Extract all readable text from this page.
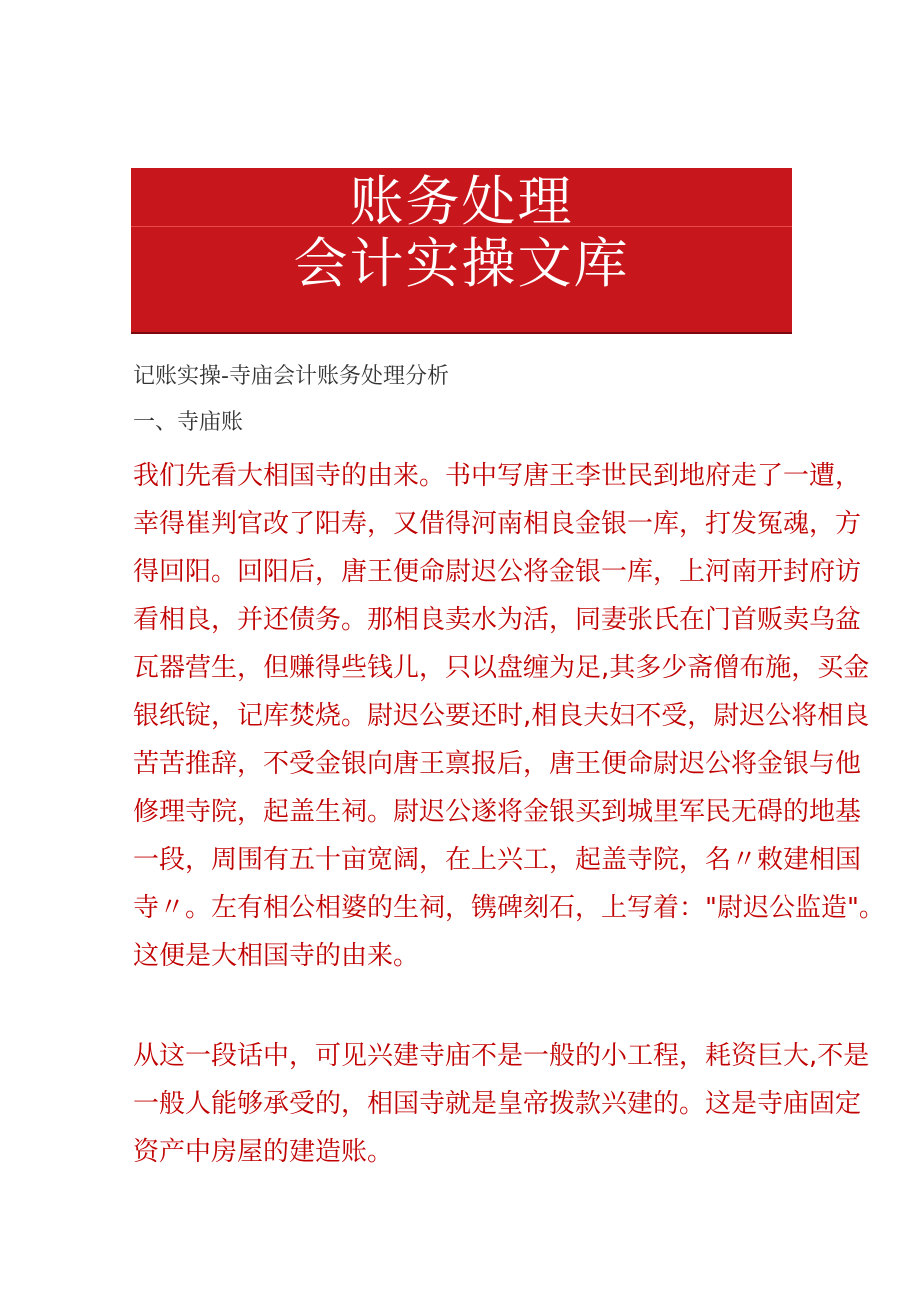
账务处理
会计实操文库
记账实操-寺庙会计账务处理分析
一、寺庙账
我们先看大相国寺的由来。书中写唐王李世民到地府走了一遭，
幸得崔判官改了阳寿，又借得河南相良金银一库，打发冤魂，方
得回阳。回阳后，唐王便命尉迟公将金银一库，上河南开封府访
看相良，并还债务。那相良卖水为活，同妻张氏在门首贩卖乌盆
瓦器营生，但赚得些钱儿，只以盘缠为足,其多少斋僧布施，买金
银纸锭，记库焚烧。尉迟公要还时,相良夫妇不受，尉迟公将相良
苦苦推辞，不受金银向唐王禀报后，唐王便命尉迟公将金银与他
修理寺院，起盖生祠。尉迟公遂将金银买到城里军民无碍的地基
一段，周围有五十亩宽阔，在上兴工，起盖寺院，名〃敕建相国
寺〃。左有相公相婆的生祠，镌碑刻石，上写着："尉迟公监造"。
这便是大相国寺的由来。
从这一段话中，可见兴建寺庙不是一般的小工程，耗资巨大,不是
一般人能够承受的，相国寺就是皇帝拨款兴建的。这是寺庙固定
资产中房屋的建造账。
